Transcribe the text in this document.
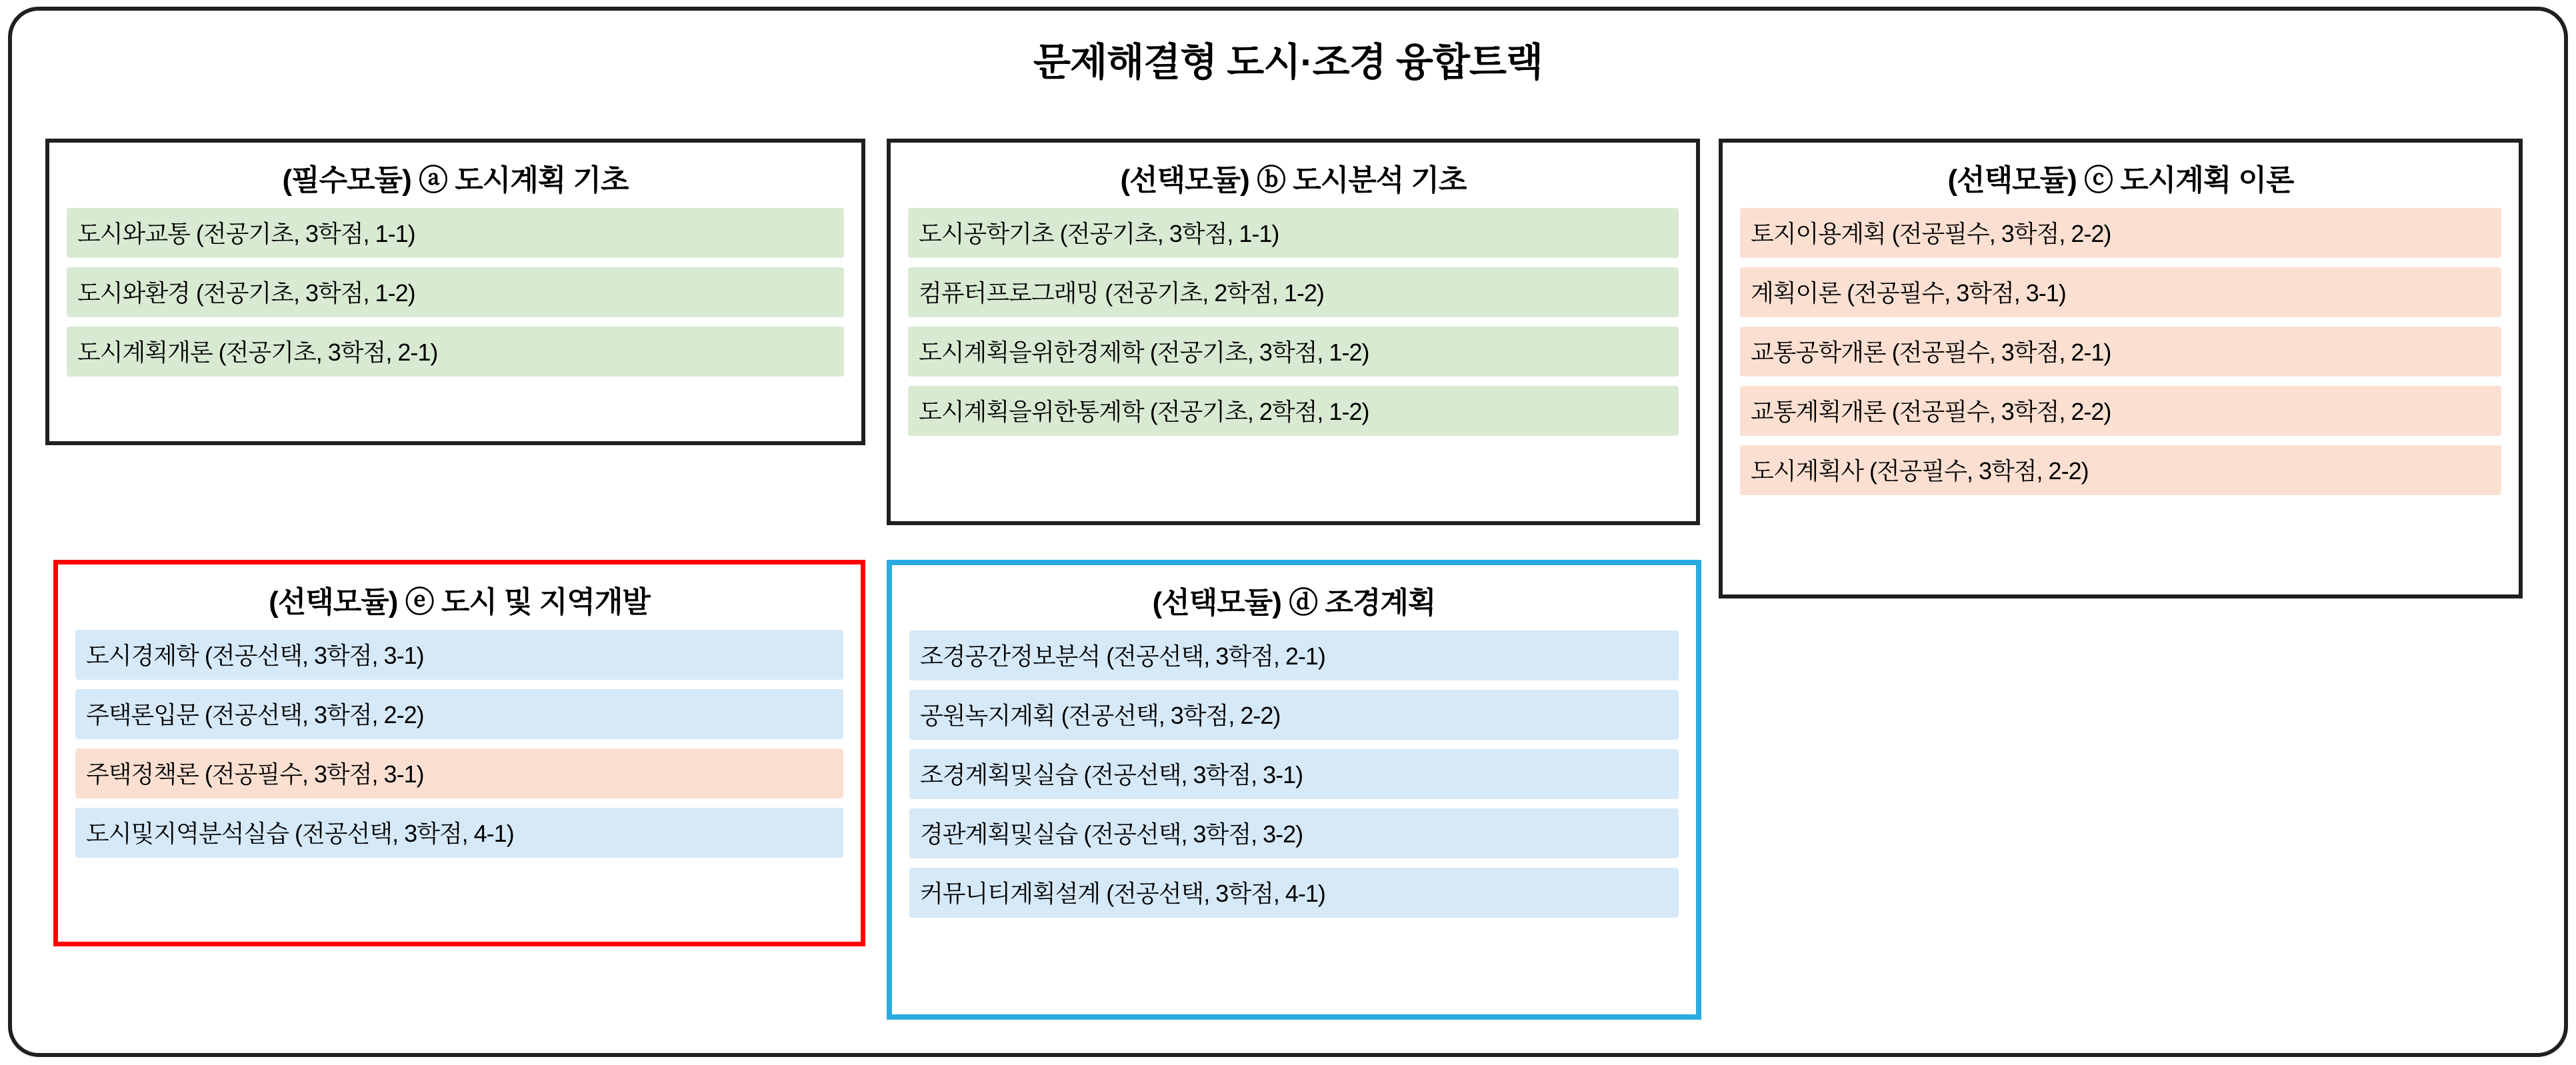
문제해결형 도시·조경 융합트랙
(필수모듈) ⓐ 도시계획 기초
도시와교통 (전공기초, 3학점, 1-1)
도시와환경 (전공기초, 3학점, 1-2)
도시계획개론 (전공기초, 3학점, 2-1)
(선택모듈) ⓑ 도시분석 기초
도시공학기초 (전공기초, 3학점, 1-1)
컴퓨터프로그래밍 (전공기초, 2학점, 1-2)
도시계획을위한경제학 (전공기초, 3학점, 1-2)
도시계획을위한통계학 (전공기초, 2학점, 1-2)
(선택모듈) ⓒ 도시계획 이론
토지이용계획 (전공필수, 3학점, 2-2)
계획이론 (전공필수, 3학점, 3-1)
교통공학개론 (전공필수, 3학점, 2-1)
교통계획개론 (전공필수, 3학점, 2-2)
도시계획사 (전공필수, 3학점, 2-2)
(선택모듈) ⓔ 도시 및 지역개발
도시경제학 (전공선택, 3학점, 3-1)
주택론입문 (전공선택, 3학점, 2-2)
주택정책론 (전공필수, 3학점, 3-1)
도시및지역분석실습 (전공선택, 3학점, 4-1)
(선택모듈) ⓓ 조경계획
조경공간정보분석 (전공선택, 3학점, 2-1)
공원녹지계획 (전공선택, 3학점, 2-2)
조경계획및실습 (전공선택, 3학점, 3-1)
경관계획및실습 (전공선택, 3학점, 3-2)
커뮤니티계획설계 (전공선택, 3학점, 4-1)
